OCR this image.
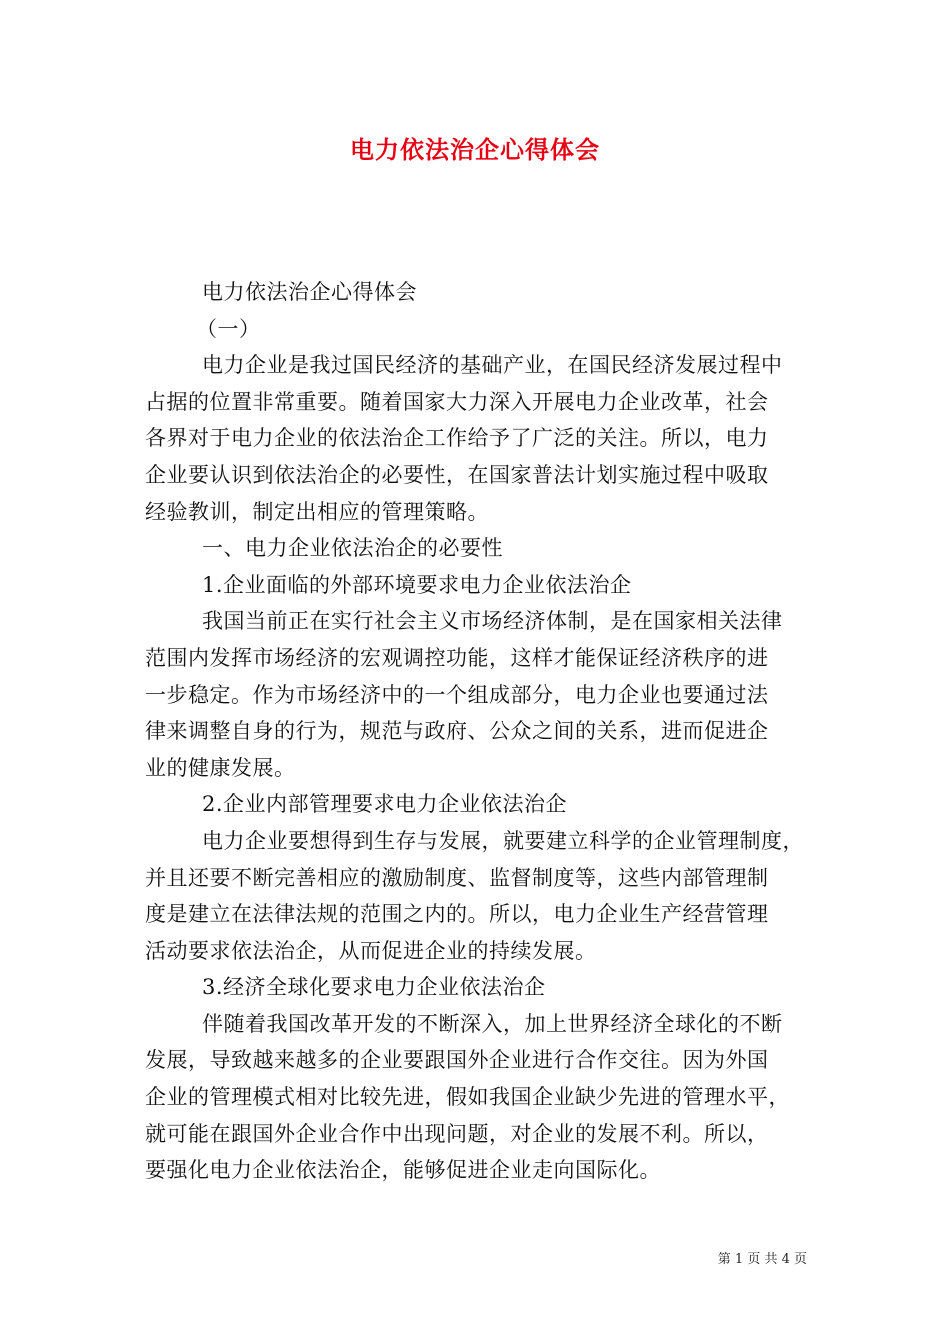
电力依法治企心得体会
电力依法治企心得体会
（一）
电力企业是我过国民经济的基础产业，在国民经济发展过程中
占据的位置非常重要。随着国家大力深入开展电力企业改革，社会
各界对于电力企业的依法治企工作给予了广泛的关注。所以，电力
企业要认识到依法治企的必要性，在国家普法计划实施过程中吸取
经验教训，制定出相应的管理策略。
一、电力企业依法治企的必要性
1.企业面临的外部环境要求电力企业依法治企
我国当前正在实行社会主义市场经济体制，是在国家相关法律
范围内发挥市场经济的宏观调控功能，这样才能保证经济秩序的进
一步稳定。作为市场经济中的一个组成部分，电力企业也要通过法
律来调整自身的行为，规范与政府、公众之间的关系，进而促进企
业的健康发展。
2.企业内部管理要求电力企业依法治企
电力企业要想得到生存与发展，就要建立科学的企业管理制度，
并且还要不断完善相应的激励制度、监督制度等，这些内部管理制
度是建立在法律法规的范围之内的。所以，电力企业生产经营管理
活动要求依法治企，从而促进企业的持续发展。
3.经济全球化要求电力企业依法治企
伴随着我国改革开发的不断深入，加上世界经济全球化的不断
发展，导致越来越多的企业要跟国外企业进行合作交往。因为外国
企业的管理模式相对比较先进，假如我国企业缺少先进的管理水平，
就可能在跟国外企业合作中出现问题，对企业的发展不利。所以，
要强化电力企业依法治企，能够促进企业走向国际化。
第 1 页 共 4 页
